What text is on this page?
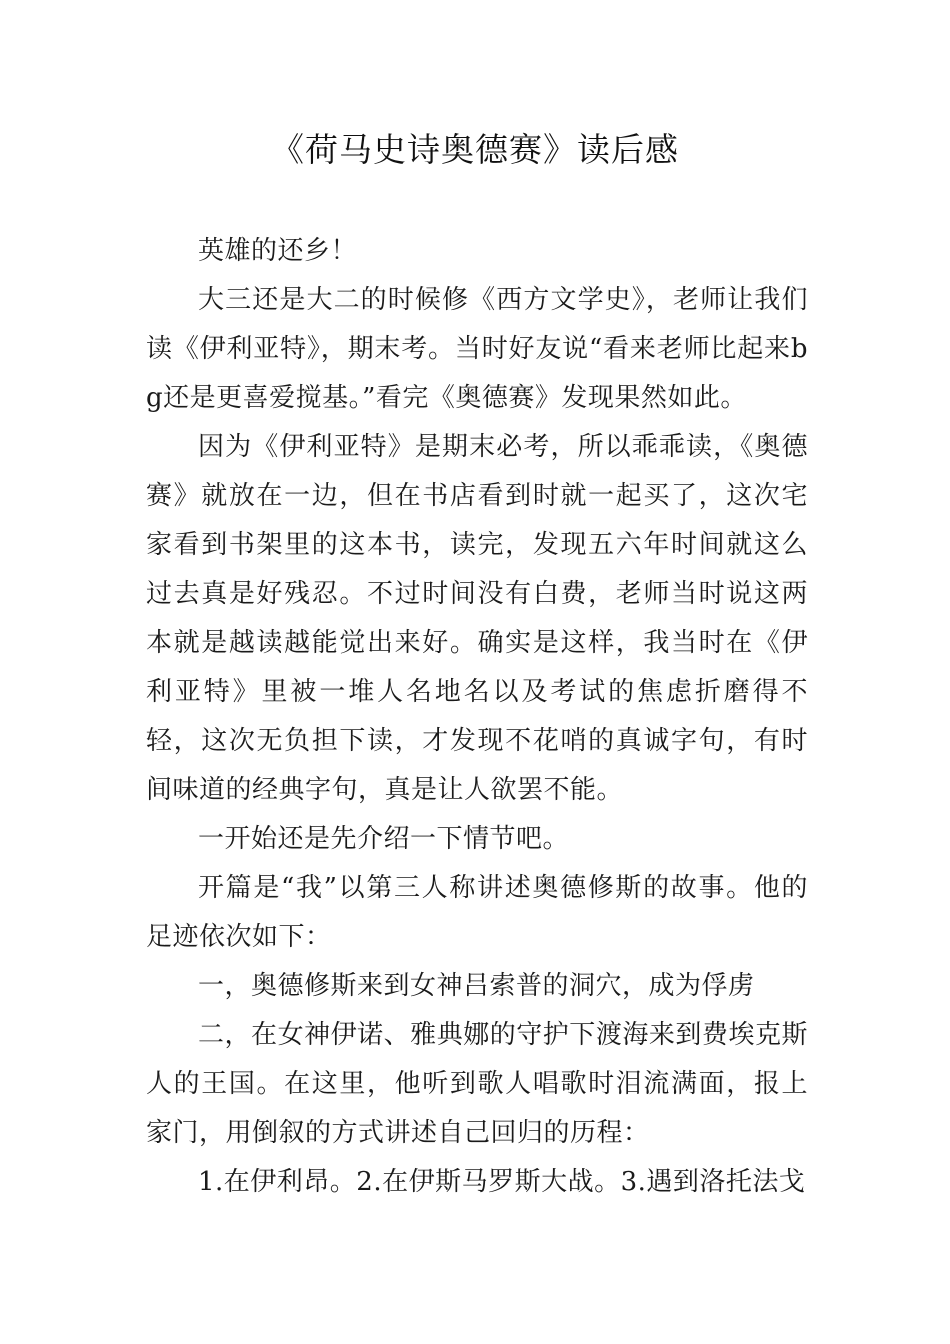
《荷马史诗奥德赛》读后感

英雄的还乡！

大三还是大二的时候修《西方文学史》，老师让我们读《伊利亚特》，期末考。当时好友说“看来老师比起来bg还是更喜爱搅基。”看完《奥德赛》发现果然如此。

因为《伊利亚特》是期末必考，所以乖乖读，《奥德赛》就放在一边，但在书店看到时就一起买了，这次宅家看到书架里的这本书，读完，发现五六年时间就这么过去真是好残忍。不过时间没有白费，老师当时说这两本就是越读越能觉出来好。确实是这样，我当时在《伊利亚特》里被一堆人名地名以及考试的焦虑折磨得不轻，这次无负担下读，才发现不花哨的真诚字句，有时间味道的经典字句，真是让人欲罢不能。

一开始还是先介绍一下情节吧。

开篇是“我”以第三人称讲述奥德修斯的故事。他的足迹依次如下：

一，奥德修斯来到女神吕索普的洞穴，成为俘虏

二，在女神伊诺、雅典娜的守护下渡海来到费埃克斯人的王国。在这里，他听到歌人唱歌时泪流满面，报上家门，用倒叙的方式讲述自己回归的历程：

1.在伊利昂。2.在伊斯马罗斯大战。3.遇到洛托法戈
